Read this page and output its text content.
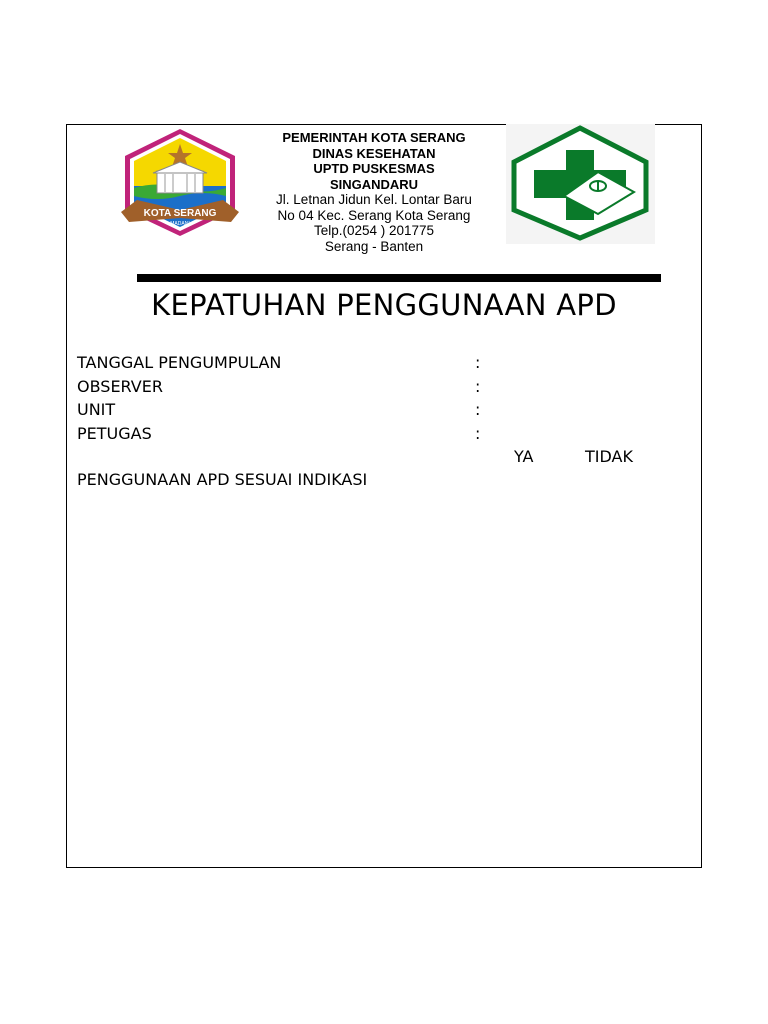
KOTA SERANG
MADANI
PEMERINTAH KOTA SERANG
DINAS KESEHATAN
UPTD PUSKESMAS
SINGANDARU
Jl. Letnan Jidun Kel. Lontar Baru
No 04 Kec. Serang Kota Serang
Telp.(0254 ) 201775
Serang - Banten
KEPATUHAN PENGGUNAAN APD
TANGGAL PENGUMPULAN	:
OBSERVER	:
UNIT	:
PETUGAS	:
YA	TIDAK
PENGGUNAAN APD SESUAI INDIKASI
